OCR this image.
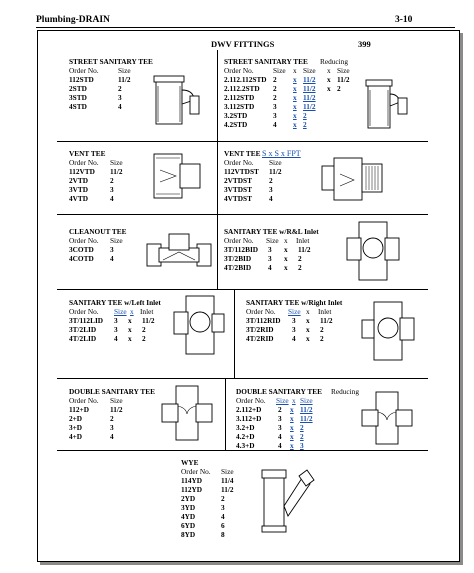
Plumbing-DRAIN	3-10
DWV FITTINGS	399
STREET SANITARY TEE
Order No.	Size
112STD	11/2
2STD	2
3STD	3
4STD	4
STREET SANITARY TEE Reducing
Order No.	Size x Size x Size
2.112.112STD 2 x 11/2 x 11/2
2.112.2STD 2 x 11/2 x 2
2.112STD	2 x 11/2
3.112STD	3 x 11/2
3.2STD	3 x 2
4.2STD	4 x 2
VENT TEE
Order No. Size
112VTD 11/2
2VTD	2
3VTD	3
4VTD	4
VENT TEE S x S x FPT
Order No. Size
112VTDST 11/2
2VTDST 2
3VTDST 3
4VTDST 4
CLEANOUT TEE
Order No. Size
3COTD 3
4COTD 4
SANITARY TEE w/R&L Inlet
Order No. Size x Inlet
3T/112BID 3 x 11/2
3T/2BID 3 x 2
4T/2BID 4 x 2
SANITARY TEE w/Left Inlet
Order No. Size x Inlet
3T/112LID 3 x 11/2
3T/2LID 3 x 2
4T/2LID 4 x 2
SANITARY TEE w/Right Inlet
Order No. Size x Inlet
3T/112RID 3 x 11/2
3T/2RID	3 x 2
4T/2RID	4 x 2
DOUBLE SANITARY TEE
Order No. Size
112+D	11/2
2+D	2
3+D	3
4+D	4
DOUBLE SANITARY TEE Reducing
Order No. Size x Size
2.112+D 2 x 11/2
3.112+D 3 x 11/2
3.2+D	3 x 2
4.2+D	4 x 2
4.3+D	4 x 3
WYE
Order No. Size
114YD	11/4
112YD	11/2
2YD	2
3YD	3
4YD	4
6YD	6
8YD	8
